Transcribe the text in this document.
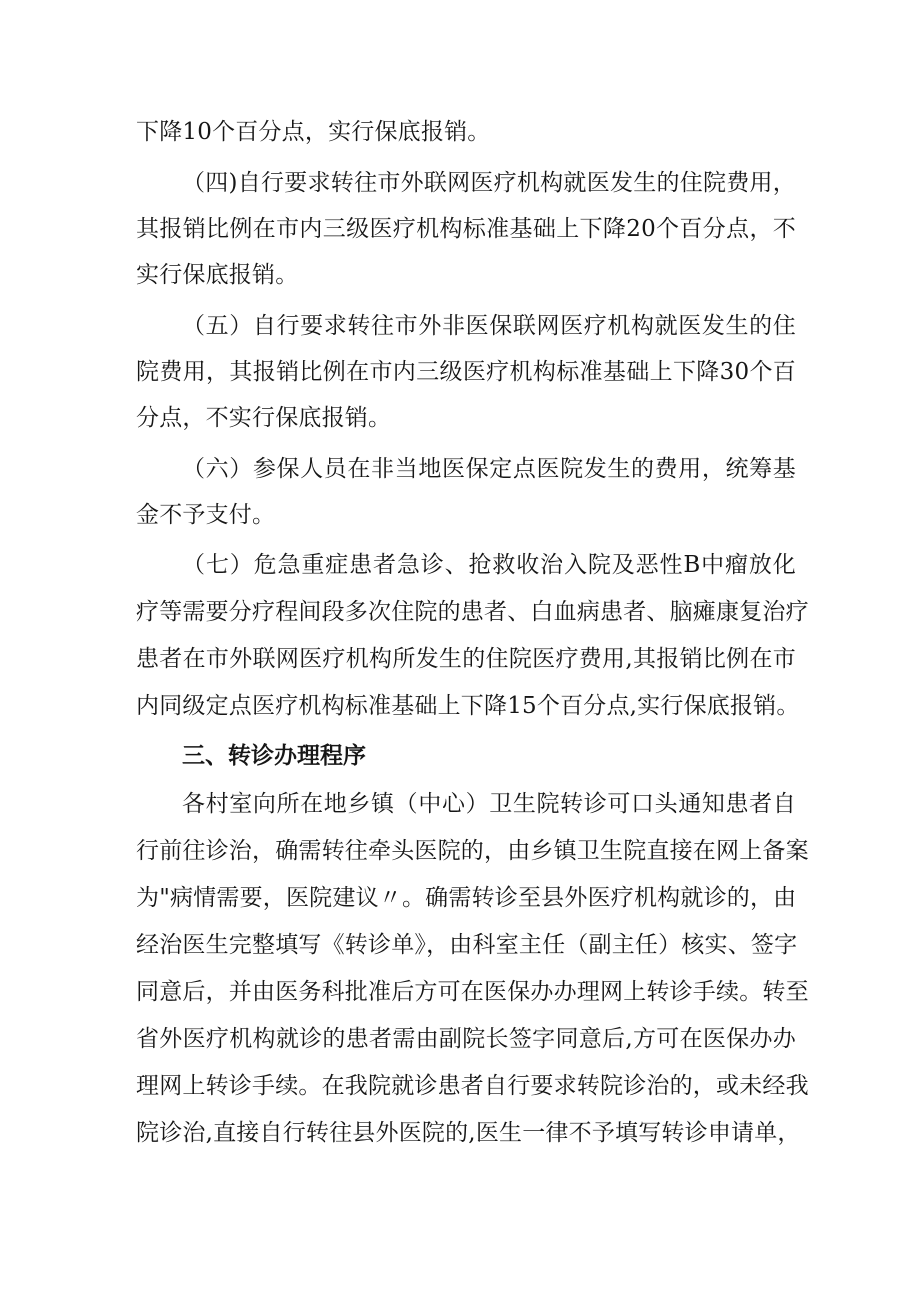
下降10个百分点，实行保底报销。
（四)自行要求转往市外联网医疗机构就医发生的住院费用，
其报销比例在市内三级医疗机构标准基础上下降20个百分点，不
实行保底报销。
（五）自行要求转往市外非医保联网医疗机构就医发生的住
院费用，其报销比例在市内三级医疗机构标准基础上下降30个百
分点，不实行保底报销。
（六）参保人员在非当地医保定点医院发生的费用，统筹基
金不予支付。
（七）危急重症患者急诊、抢救收治入院及恶性B中瘤放化
疗等需要分疗程间段多次住院的患者、白血病患者、脑瘫康复治疗
患者在市外联网医疗机构所发生的住院医疗费用,其报销比例在市
内同级定点医疗机构标准基础上下降15个百分点,实行保底报销。
三、转诊办理程序
各村室向所在地乡镇（中心）卫生院转诊可口头通知患者自
行前往诊治，确需转往牵头医院的，由乡镇卫生院直接在网上备案
为"病情需要，医院建议〃。确需转诊至县外医疗机构就诊的，由
经治医生完整填写《转诊单》，由科室主任（副主任）核实、签字
同意后，并由医务科批准后方可在医保办办理网上转诊手续。转至
省外医疗机构就诊的患者需由副院长签字同意后,方可在医保办办
理网上转诊手续。在我院就诊患者自行要求转院诊治的，或未经我
院诊治,直接自行转往县外医院的,医生一律不予填写转诊申请单，
